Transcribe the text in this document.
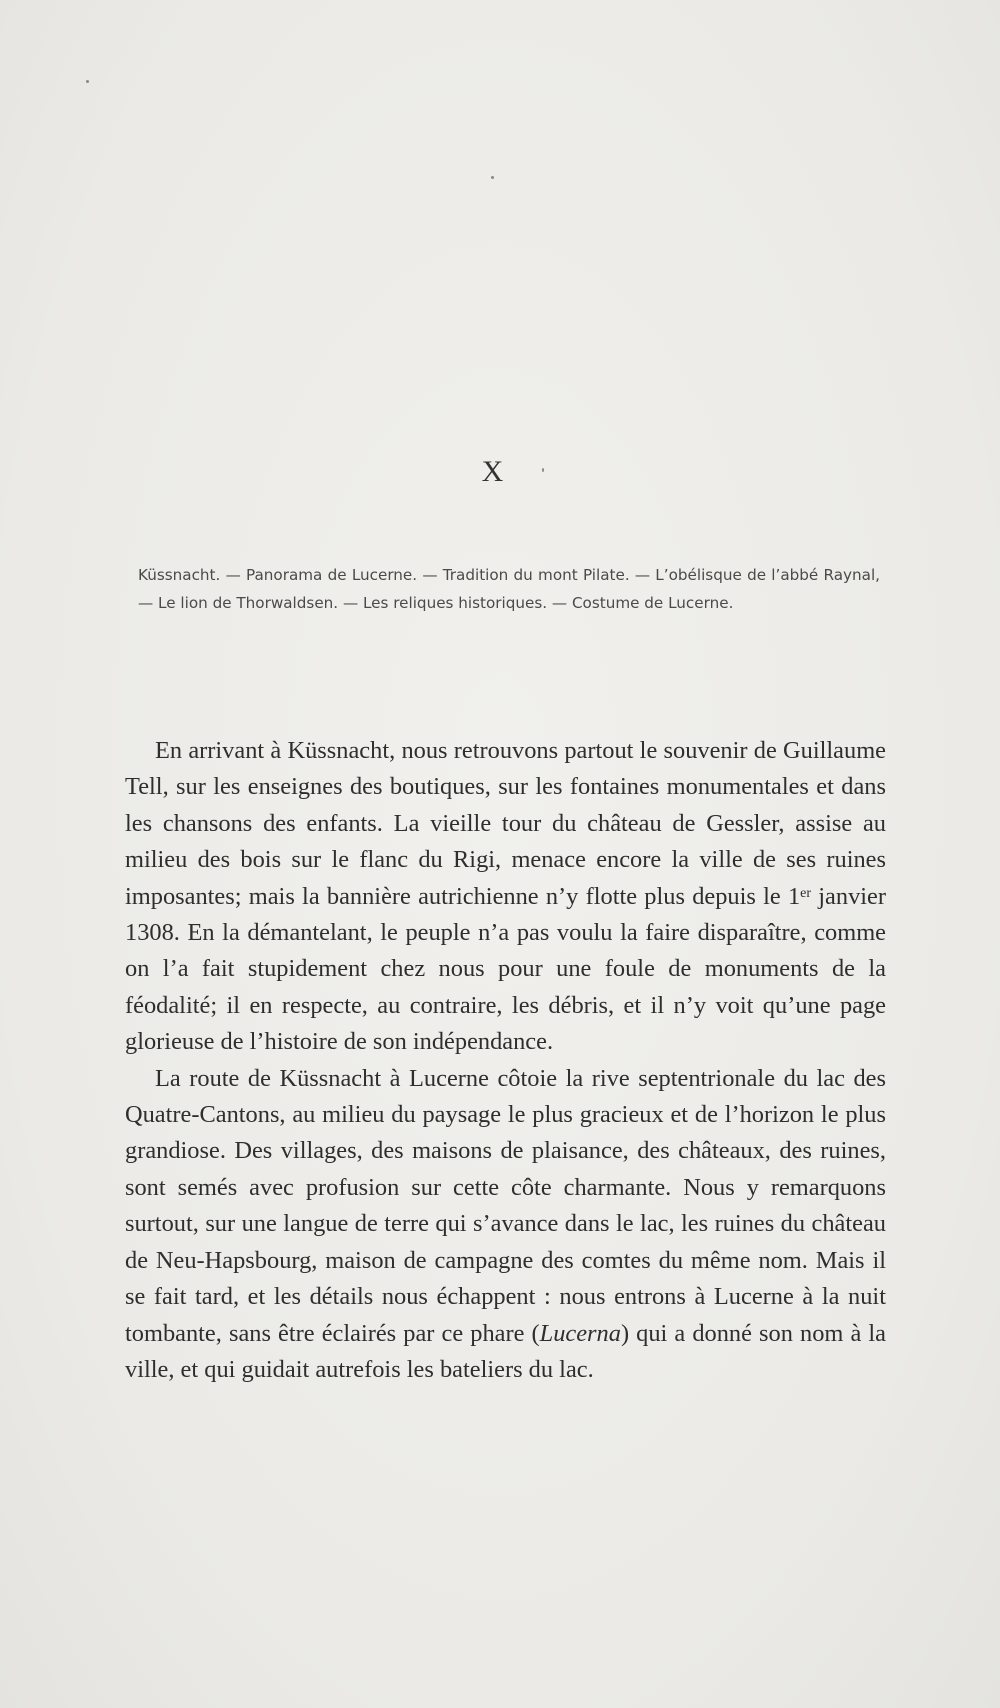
X
Küssnacht. — Panorama de Lucerne. — Tradition du mont Pilate. — L’obélisque de l’abbé Raynal, — Le lion de Thorwaldsen. — Les reliques historiques. — Costume de Lucerne.

En arrivant à Küssnacht, nous retrouvons partout le souvenir de Guillaume Tell, sur les enseignes des boutiques, sur les fontaines monumentales et dans les chansons des enfants. La vieille tour du château de Gessler, assise au milieu des bois sur le flanc du Rigi, menace encore la ville de ses ruines imposantes; mais la bannière autrichienne n’y flotte plus depuis le 1er janvier 1308. En la démantelant, le peuple n’a pas voulu la faire disparaître, comme on l’a fait stupidement chez nous pour une foule de monuments de la féodalité; il en respecte, au contraire, les débris, et il n’y voit qu’une page glorieuse de l’histoire de son indépendance.

La route de Küssnacht à Lucerne côtoie la rive septentrionale du lac des Quatre-Cantons, au milieu du paysage le plus gracieux et de l’horizon le plus grandiose. Des villages, des maisons de plaisance, des châteaux, des ruines, sont semés avec profusion sur cette côte charmante. Nous y remarquons surtout, sur une langue de terre qui s’avance dans le lac, les ruines du château de Neu-Hapsbourg, maison de campagne des comtes du même nom. Mais il se fait tard, et les détails nous échappent : nous entrons à Lucerne à la nuit tombante, sans être éclairés par ce phare (Lucerna) qui a donné son nom à la ville, et qui guidait autrefois les bateliers du lac.
